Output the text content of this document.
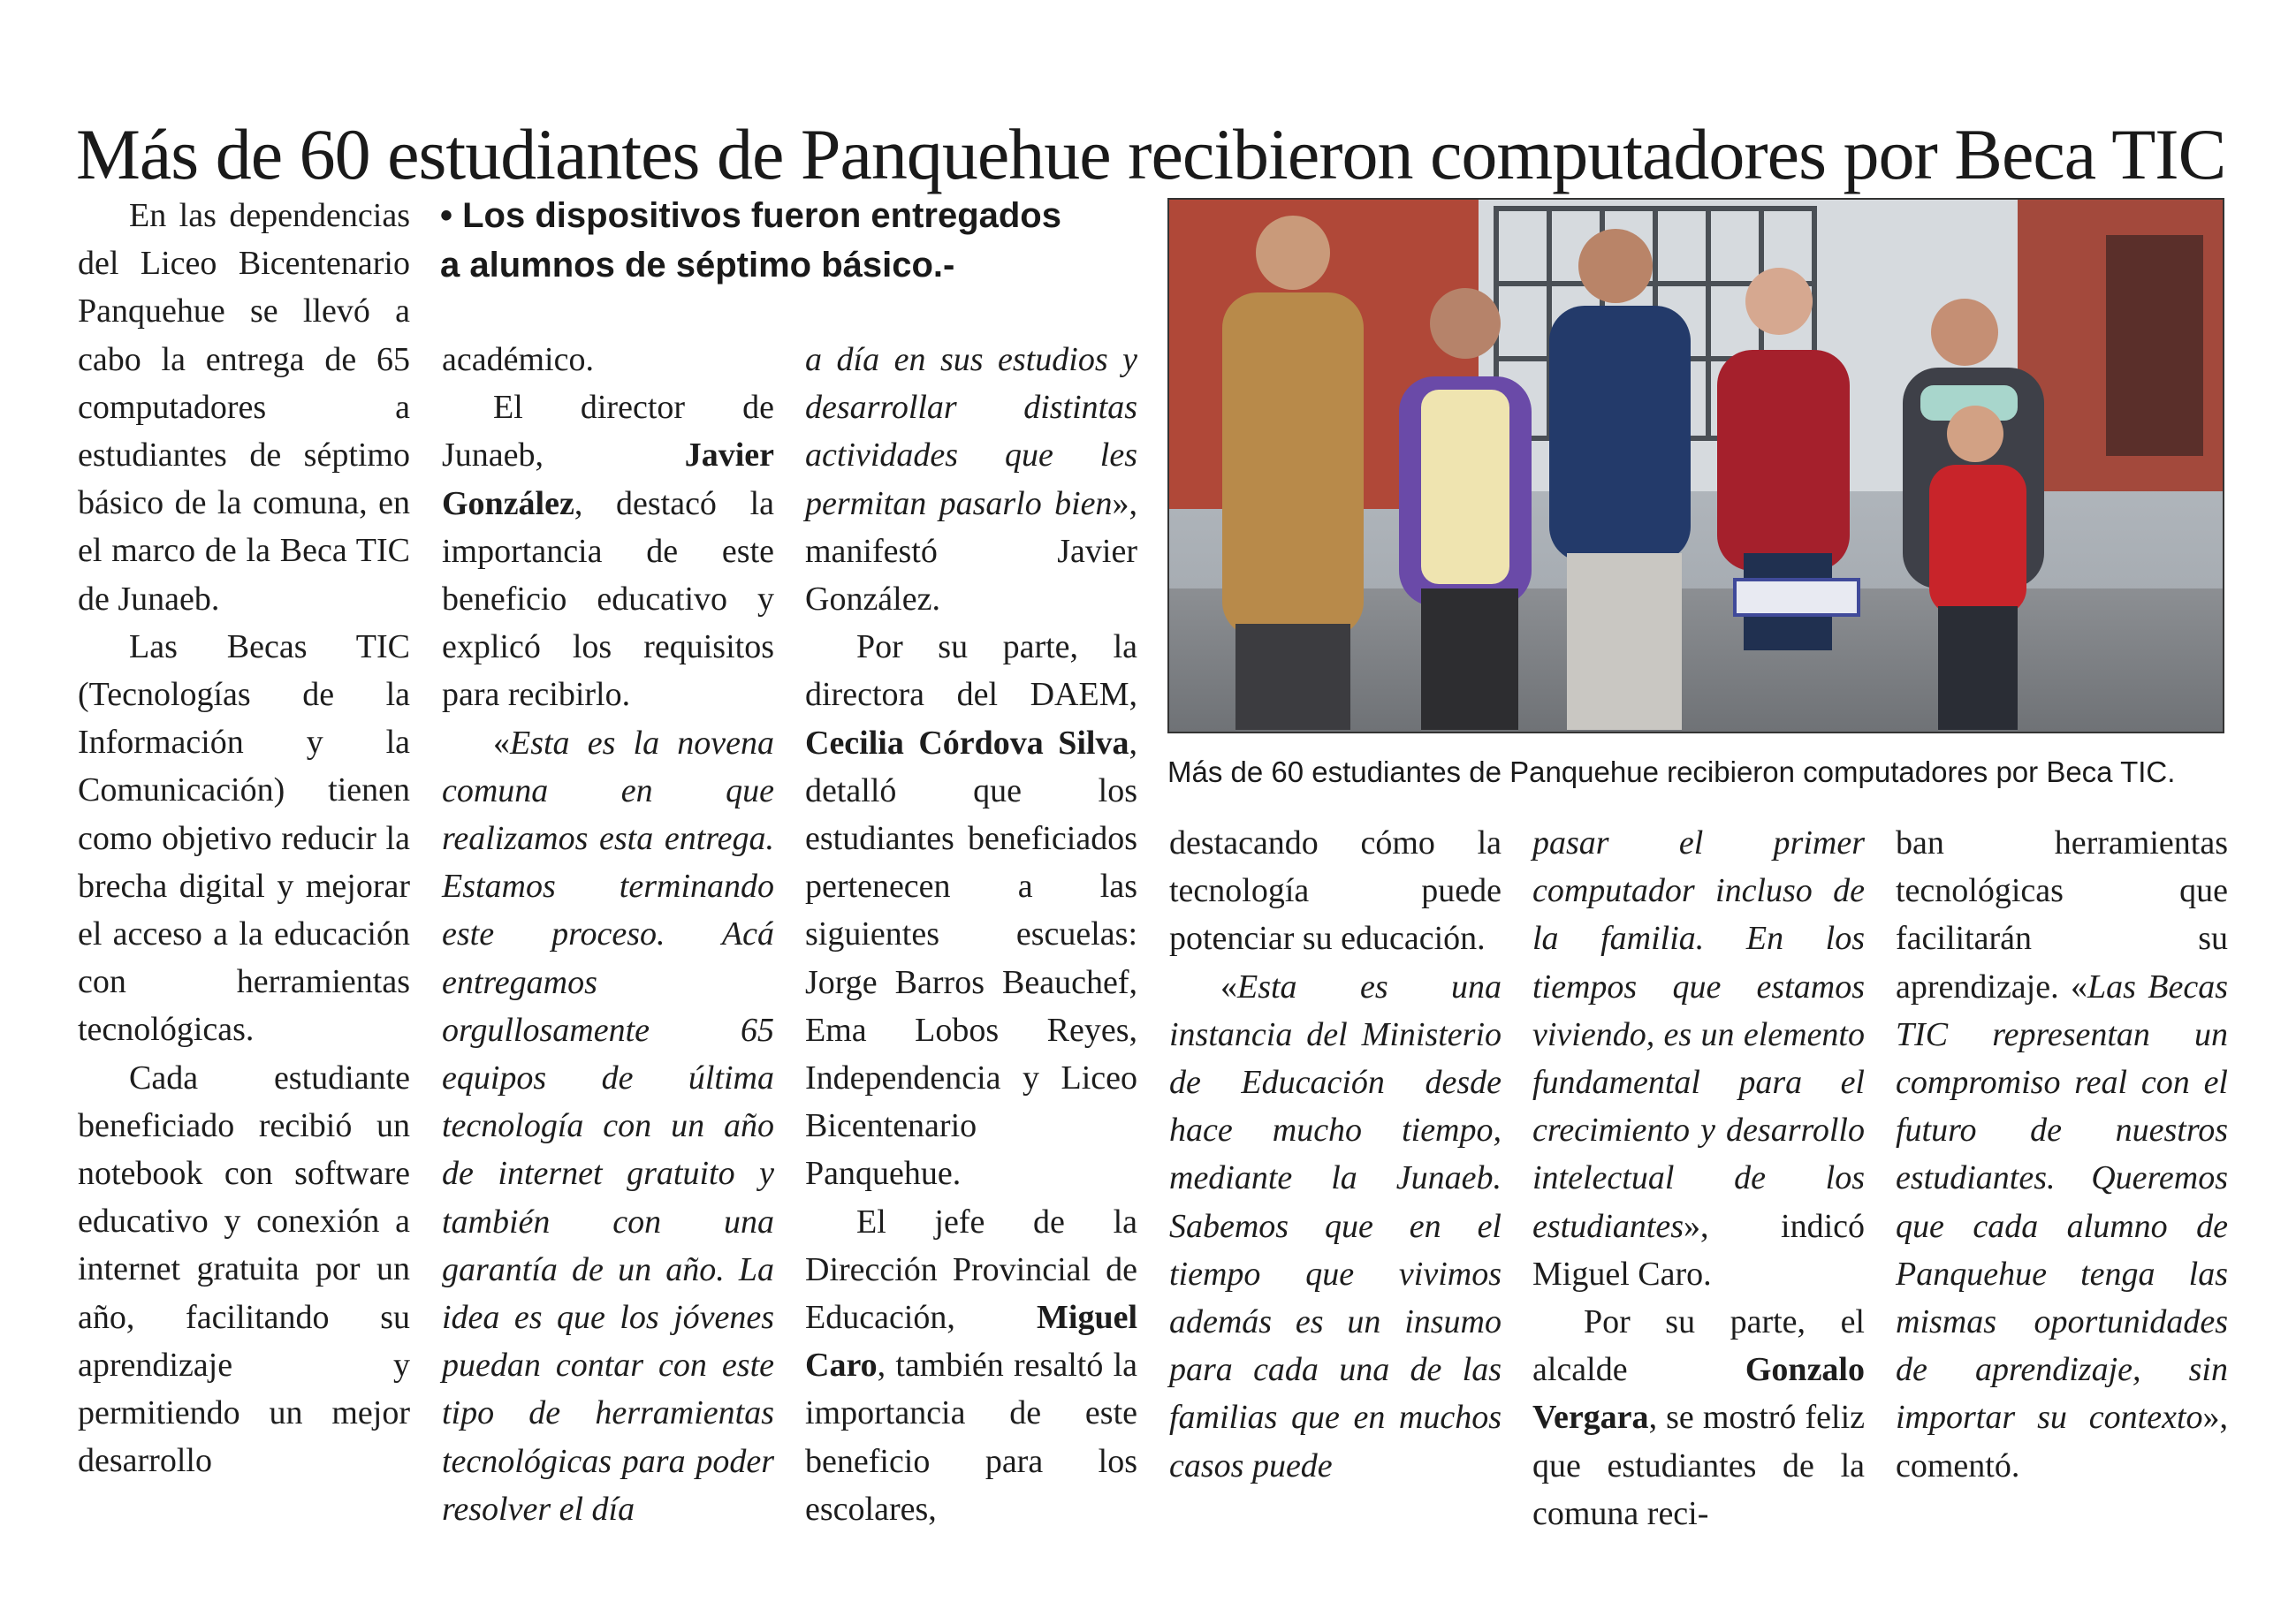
Más de 60 estudiantes de Panquehue recibieron computadores por Beca TIC
• Los dispositivos fueron entregados
a alumnos de séptimo básico.-

En las dependencias del Liceo Bicentenario Panquehue se llevó a cabo la entrega de 65 computadores a estudiantes de séptimo básico de la comuna, en el marco de la Beca TIC de Junaeb.

Las Becas TIC (Tecnologías de la Información y la Comunicación) tienen como objetivo reducir la brecha digital y mejorar el acceso a la educación con herramientas tecnológicas.

Cada estudiante beneficiado recibió un notebook con software educativo y conexión a internet gratuita por un año, facilitando su aprendizaje y permitiendo un mejor desarrollo

académico.

El director de Junaeb, Javier González, destacó la importancia de este beneficio educativo y explicó los requisitos para recibirlo.

«Esta es la novena comuna en que realizamos esta entrega. Estamos terminando este proceso. Acá entregamos orgullosamente 65 equipos de última tecnología con un año de internet gratuito y también con una garantía de un año. La idea es que los jóvenes puedan contar con este tipo de herramientas tecnológicas para poder resolver el día

a día en sus estudios y desarrollar distintas actividades que les permitan pasarlo bien», manifestó Javier González.

Por su parte, la directora del DAEM, Cecilia Córdova Silva, detalló que los estudiantes beneficiados pertenecen a las siguientes escuelas: Jorge Barros Beauchef, Ema Lobos Reyes, Independencia y Liceo Bicentenario Panquehue.

El jefe de la Dirección Provincial de Educación, Miguel Caro, también resaltó la importancia de este beneficio para los escolares,

Más de 60 estudiantes de Panquehue recibieron computadores por Beca TIC.

destacando cómo la tecnología puede potenciar su educación.

«Esta es una instancia del Ministerio de Educación desde hace mucho tiempo, mediante la Junaeb. Sabemos que en el tiempo que vivimos además es un insumo para cada una de las familias que en muchos casos puede

pasar el primer computador incluso de la familia. En los tiempos que estamos viviendo, es un elemento fundamental para el crecimiento y desarrollo intelectual de los estudiantes», indicó Miguel Caro.

Por su parte, el alcalde Gonzalo Vergara, se mostró feliz que estudiantes de la comuna reci-

ban herramientas tecnológicas que facilitarán su aprendizaje. «Las Becas TIC representan un compromiso real con el futuro de nuestros estudiantes. Queremos que cada alumno de Panquehue tenga las mismas oportunidades de aprendizaje, sin importar su contexto», comentó.
